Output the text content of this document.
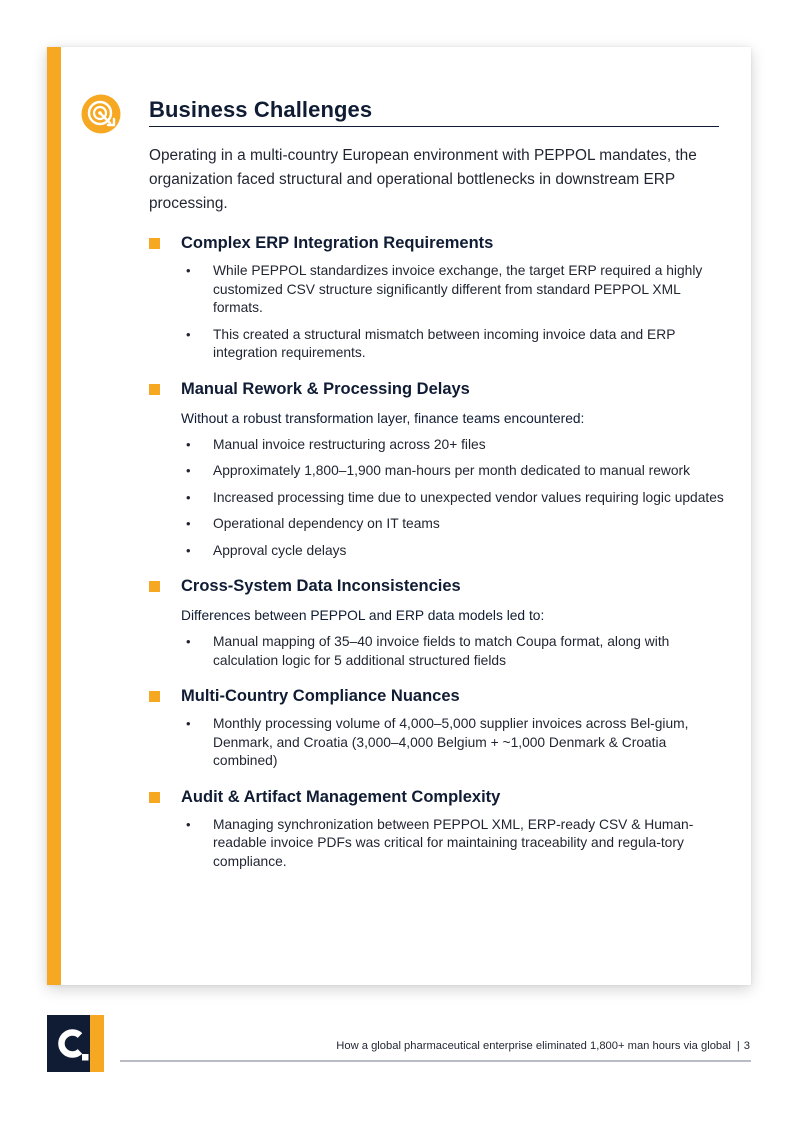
Business Challenges

Operating in a multi-country European environment with PEPPOL mandates, the organization faced structural and operational bottlenecks in downstream ERP processing.

Complex ERP Integration Requirements
• While PEPPOL standardizes invoice exchange, the target ERP required a highly customized CSV structure significantly different from standard PEPPOL XML formats.
• This created a structural mismatch between incoming invoice data and ERP integration requirements.
Manual Rework & Processing Delays
Without a robust transformation layer, finance teams encountered:
• Manual invoice restructuring across 20+ files
• Approximately 1,800–1,900 man-hours per month dedicated to manual rework
• Increased processing time due to unexpected vendor values requiring logic updates
• Operational dependency on IT teams
• Approval cycle delays
Cross-System Data Inconsistencies
Differences between PEPPOL and ERP data models led to:
• Manual mapping of 35–40 invoice fields to match Coupa format, along with calculation logic for 5 additional structured fields
Multi-Country Compliance Nuances
• Monthly processing volume of 4,000–5,000 supplier invoices across Bel-gium, Denmark, and Croatia (3,000–4,000 Belgium + ~1,000 Denmark & Croatia combined)
Audit & Artifact Management Complexity
• Managing synchronization between PEPPOL XML, ERP-ready CSV & Human-readable invoice PDFs was critical for maintaining traceability and regula-tory compliance.
How a global pharmaceutical enterprise eliminated 1,800+ man hours via global | 3
